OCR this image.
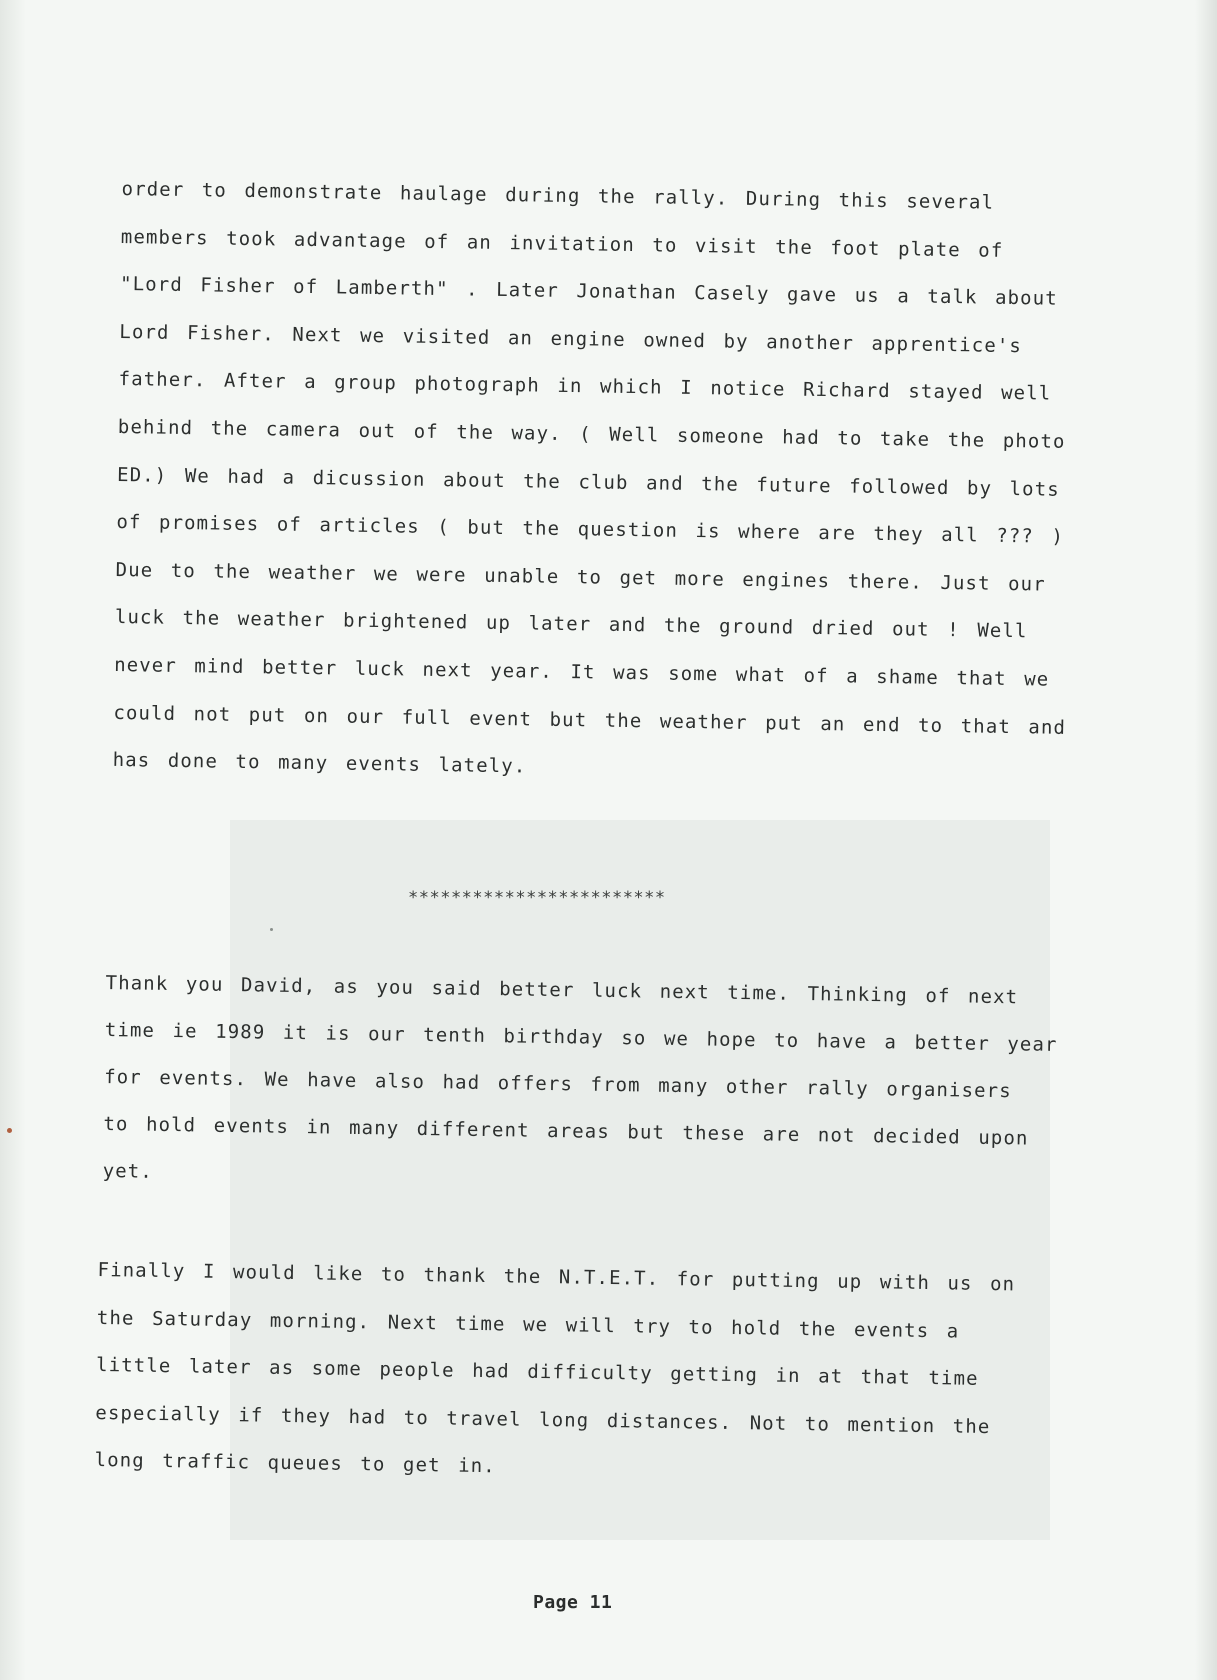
order to demonstrate haulage during the rally. During this several

members took advantage of an invitation to visit the foot plate of

"Lord Fisher of Lamberth" . Later Jonathan Casely gave us a talk about

Lord Fisher. Next we visited an engine owned by another apprentice's

father. After a group photograph in which I notice Richard stayed well

behind the camera out of the way. ( Well someone had to take the photo

ED.) We had a dicussion about the club and the future followed by lots

of promises of articles ( but the question is where are they all ??? )

Due to the weather we were unable to get more engines there. Just our

luck the weather brightened up later and the ground dried out ! Well

never mind better luck next year. It was some what of a shame that we

could not put on our full event but the weather put an end to that and

has done to many events lately.

************************

Thank you David, as you said better luck next time. Thinking of next

time ie 1989 it is our tenth birthday so we hope to have a better year

for events. We have also had offers from many other rally organisers

to hold events in many different areas but these are not decided upon

yet.

Finally I would like to thank the N.T.E.T. for putting up with us on

the Saturday morning. Next time we will try to hold the events a

little later as some people had difficulty getting in at that time

especially if they had to travel long distances. Not to mention the

long traffic queues to get in.

Page 11
